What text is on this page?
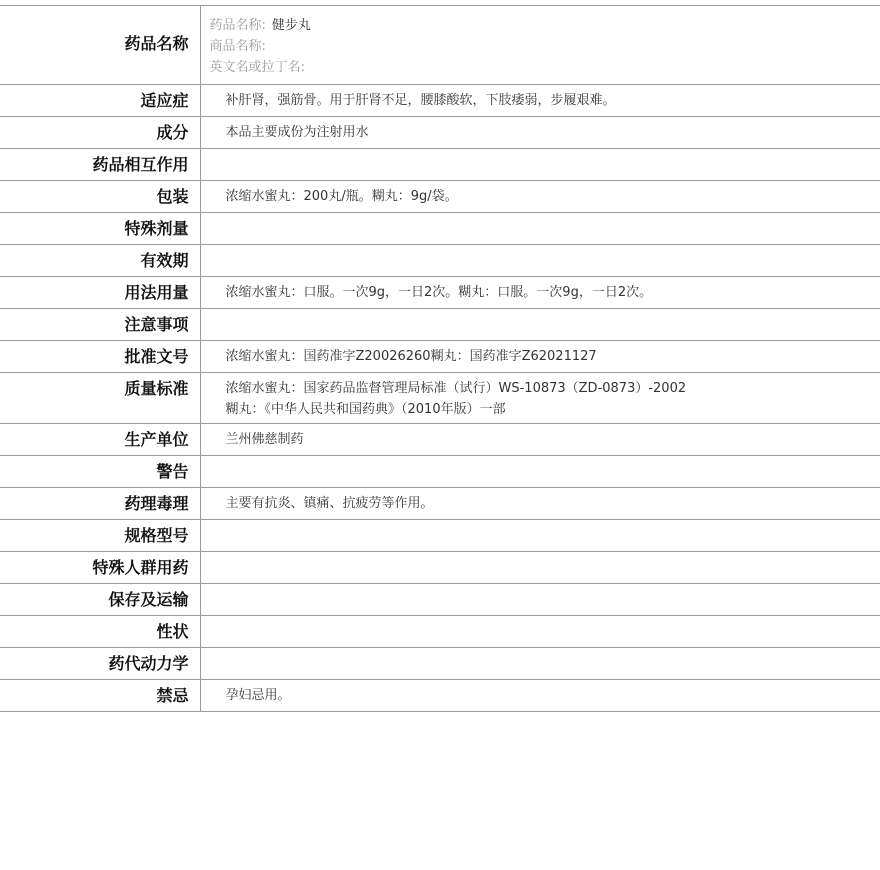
药品名称	药品名称: 健步丸
商品名称:
英文名或拉丁名:

适应症	补肝肾，强筋骨。用于肝肾不足，腰膝酸软，下肢痿弱，步履艰难。
成分	本品主要成份为注射用水
药品相互作用	
包装	浓缩水蜜丸：200丸/瓶。糊丸：9g/袋。
特殊剂量	
有效期	
用法用量	浓缩水蜜丸：口服。一次9g，一日2次。糊丸：口服。一次9g，一日2次。
注意事项	
批准文号	浓缩水蜜丸：国药准字Z20026260糊丸：国药准字Z62021127
质量标准	浓缩水蜜丸：国家药品监督管理局标准（试行）WS-10873（ZD-0873）-2002
糊丸：《中华人民共和国药典》（2010年版）一部

生产单位	兰州佛慈制药
警告	
药理毒理	主要有抗炎、镇痛、抗疲劳等作用。
规格型号	
特殊人群用药	
保存及运输	
性状	
药代动力学	
禁忌	孕妇忌用。
